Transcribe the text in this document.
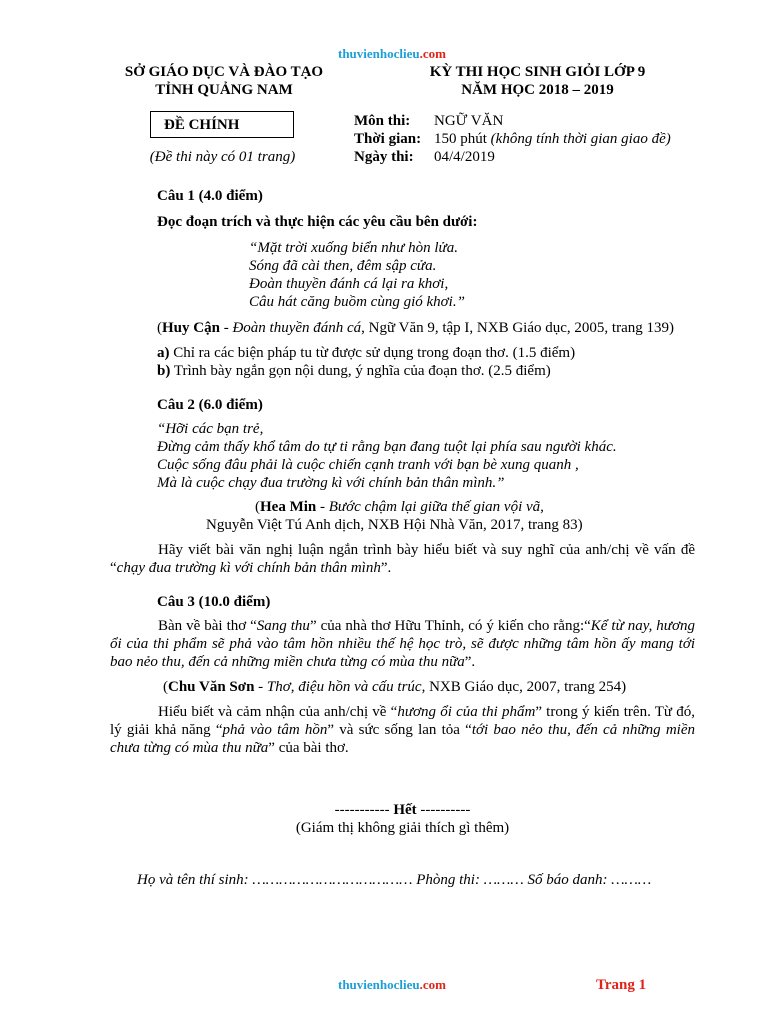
thuvienhoclieu.com
SỞ GIÁO DỤC VÀ ĐÀO TẠO
TỈNH QUẢNG NAM
KỲ THI HỌC SINH GIỎI LỚP 9
NĂM HỌC 2018 – 2019
ĐỀ CHÍNH
(Đề thi này có 01 trang)
Môn thi: NGỮ VĂN
Thời gian: 150 phút (không tính thời gian giao đề)
Ngày thi: 04/4/2019
Câu 1 (4.0 điểm)
Đọc đoạn trích và thực hiện các yêu cầu bên dưới:
“Mặt trời xuống biển như hòn lửa.
Sóng đã cài then, đêm sập cửa.
Đoàn thuyền đánh cá lại ra khơi,
Câu hát căng buồm cùng gió khơi.”
(Huy Cận - Đoàn thuyền đánh cá, Ngữ Văn 9, tập I, NXB Giáo dục, 2005, trang 139)
a) Chỉ ra các biện pháp tu từ được sử dụng trong đoạn thơ. (1.5 điểm)
b) Trình bày ngắn gọn nội dung, ý nghĩa của đoạn thơ. (2.5 điểm)
Câu 2 (6.0 điểm)
“Hỡi các bạn trẻ,
Đừng cảm thấy khổ tâm do tự ti rằng bạn đang tuột lại phía sau người khác.
Cuộc sống đâu phải là cuộc chiến cạnh tranh với bạn bè xung quanh ,
Mà là cuộc chạy đua trường kì với chính bản thân mình.”
(Hea Min - Bước chậm lại giữa thế gian vội vã,
Nguyễn Việt Tú Anh dịch, NXB Hội Nhà Văn, 2017, trang 83)
Hãy viết bài văn nghị luận ngắn trình bày hiểu biết và suy nghĩ của anh/chị về vấn đề “chạy đua trường kì với chính bản thân mình”.
Câu 3 (10.0 điểm)
Bàn về bài thơ “Sang thu” của nhà thơ Hữu Thỉnh, có ý kiến cho rằng:“Kể từ nay, hương ổi của thi phẩm sẽ phả vào tâm hồn nhiều thế hệ học trò, sẽ được những tâm hồn ấy mang tới bao nẻo thu, đến cả những miền chưa từng có mùa thu nữa”.
(Chu Văn Sơn - Thơ, điệu hồn và cấu trúc, NXB Giáo dục, 2007, trang 254)
Hiểu biết và cảm nhận của anh/chị về “hương ổi của thi phẩm” trong ý kiến trên. Từ đó, lý giải khả năng “phả vào tâm hồn” và sức sống lan tỏa “tới bao nẻo thu, đến cả những miền chưa từng có mùa thu nữa” của bài thơ.
----------- Hết ----------
(Giám thị không giải thích gì thêm)
Họ và tên thí sinh: ……………………………… Phòng thi: ……… Số báo danh: ………
thuvienhoclieu.com	Trang 1
